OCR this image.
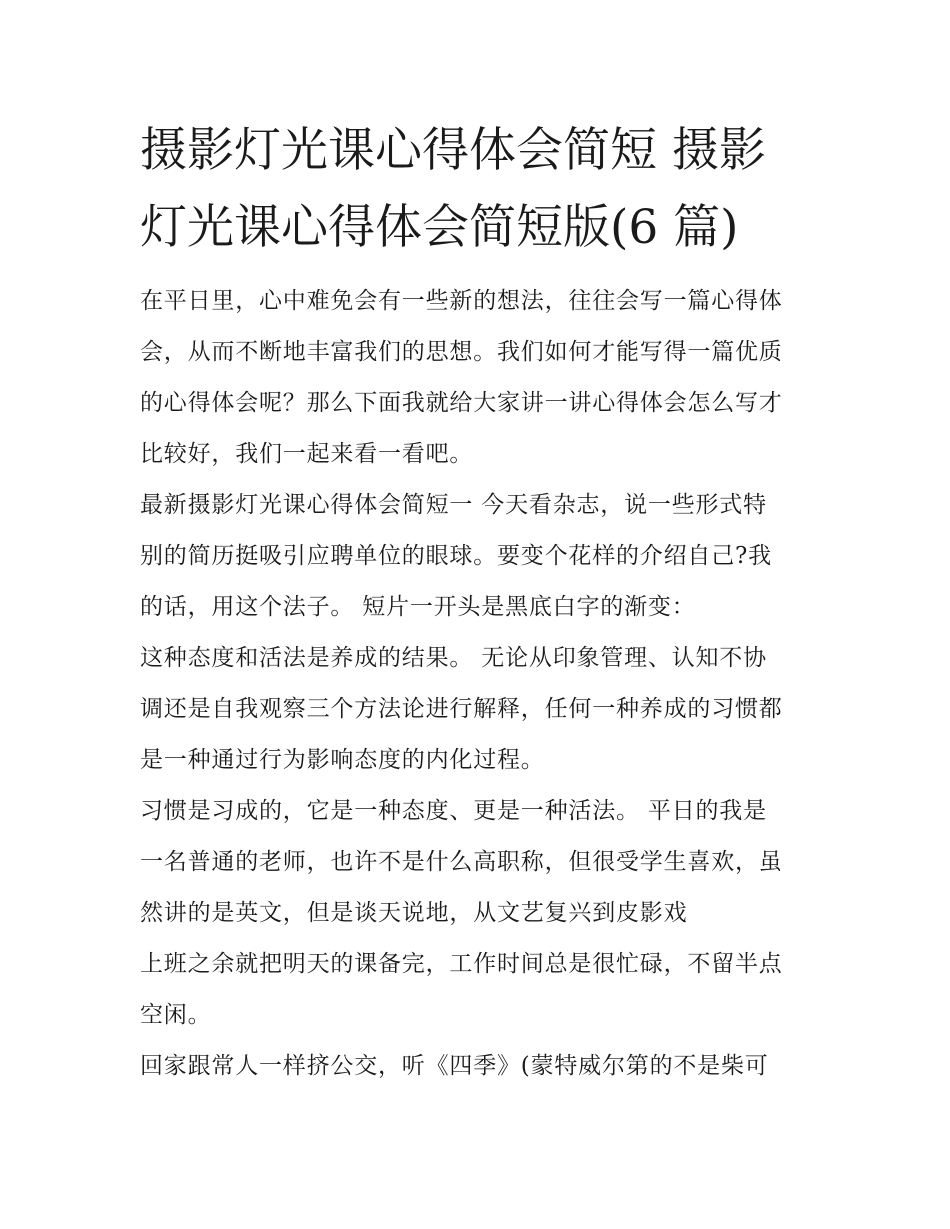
摄影灯光课心得体会简短 摄影
灯光课心得体会简短版(6 篇)

在平日里，心中难免会有一些新的想法，往往会写一篇心得体
会，从而不断地丰富我们的思想。我们如何才能写得一篇优质
的心得体会呢？那么下面我就给大家讲一讲心得体会怎么写才
比较好，我们一起来看一看吧。

最新摄影灯光课心得体会简短一 今天看杂志，说一些形式特
别的简历挺吸引应聘单位的眼球。要变个花样的介绍自己?我
的话，用这个法子。 短片一开头是黑底白字的渐变：

这种态度和活法是养成的结果。 无论从印象管理、认知不协
调还是自我观察三个方法论进行解释，任何一种养成的习惯都
是一种通过行为影响态度的内化过程。

习惯是习成的，它是一种态度、更是一种活法。 平日的我是
一名普通的老师，也许不是什么高职称，但很受学生喜欢，虽
然讲的是英文，但是谈天说地，从文艺复兴到皮影戏

上班之余就把明天的课备完，工作时间总是很忙碌，不留半点
空闲。

回家跟常人一样挤公交，听《四季》(蒙特威尔第的不是柴可
